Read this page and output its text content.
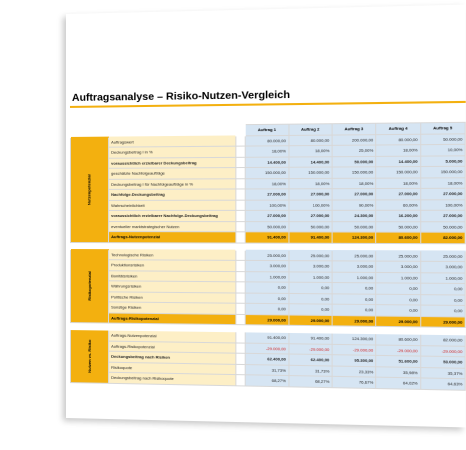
Auftragsanalyse – Risiko-Nutzen-Vergleich
			Auftrag 1	Auftrag 2	Auftrag 3	Auftrag 4	Auftrag 5
Nutzenpotenzial	Auftragswert		80.000,00	80.000,00	200.000,00	80.000,00	50.000,00
	Deckungsbeitrag I in %		18,00%	18,00%	25,00%	18,00%	10,00%
	voraussichtlich erzielbarer Deckungsbeitrag		14.400,00	14.400,00	50.000,00	14.400,00	5.000,00
	geschätzte Nachfolgeaufträge		150.000,00	150.000,00	150.000,00	150.000,00	150.000,00
	Deckungsbeitrag I für Nachfolgeaufträge in %		18,00%	18,00%	18,00%	18,00%	18,00%
	Nachfolge-Deckungsbeitrag		27.000,00	27.000,00	27.000,00	27.000,00	27.000,00
	Wahrscheinlichkeit		100,00%	100,00%	90,00%	60,00%	100,00%
	voraussichtlich erzielbarer Nachfolge-Deckungsbeitrag		27.000,00	27.000,00	24.300,00	16.200,00	27.000,00
	eventueller marktstrategischer Nutzen		50.000,00	50.000,00	50.000,00	50.000,00	50.000,00
	Auftrags-Nutzenpotenzial		91.400,00	91.400,00	124.300,00	80.600,00	82.000,00

Risikopotenzial	Technologische Risiken		25.000,00	25.000,00	25.000,00	25.000,00	25.000,00
	Produktionsrisiken		3.000,00	3.000,00	3.000,00	3.000,00	3.000,00
	Bonitätsrisiken		1.000,00	1.000,00	1.000,00	1.000,00	1.000,00
	Währungsrisiken		0,00	0,00	0,00	0,00	0,00
	Politische Risiken		0,00	0,00	0,00	0,00	0,00
	Sonstige Risiken		0,00	0,00	0,00	0,00	0,00
	Auftrags-Risikopotenzial		29.000,00	29.000,00	29.000,00	29.000,00	29.000,00

Nutzen vs. Risiko	Auftrags-Nutzenpotenzial		91.400,00	91.400,00	124.300,00	80.600,00	82.000,00
	Auftrags-Risikopotenzial		-29.000,00	-29.000,00	-29.000,00	-29.000,00	-29.000,00
	Deckungsbeitrag nach Risiken		62.400,00	62.400,00	95.300,00	51.600,00	53.000,00
	Risikoquote		31,73%	31,73%	23,33%	35,98%	35,37%
	Deckungsbeitrag nach Risikoquote		68,27%	68,27%	76,67%	64,02%	64,63%
